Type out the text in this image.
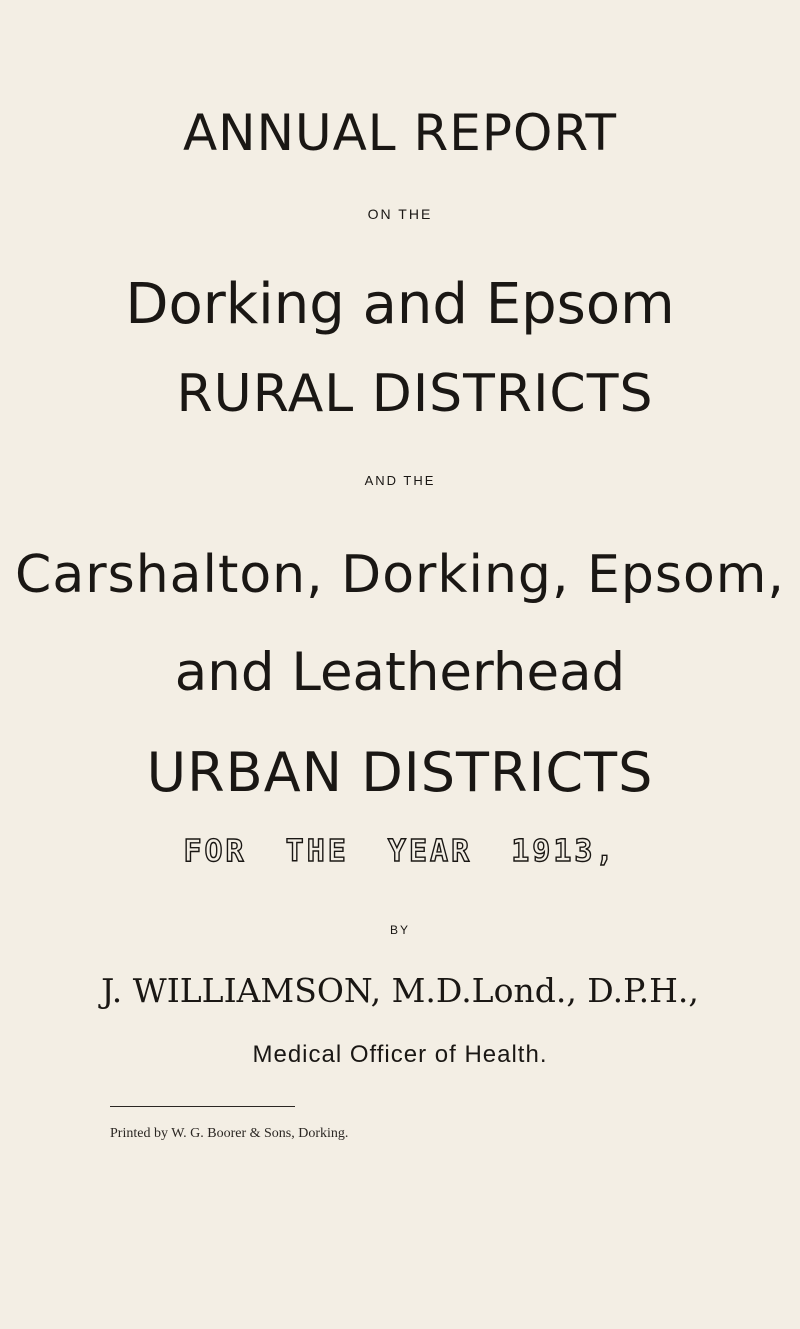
ANNUAL REPORT
ON THE
Dorking and Epsom
RURAL DISTRICTS
AND THE
Carshalton, Dorking, Epsom,
and Leatherhead
URBAN DISTRICTS
FOR THE YEAR 1913,
BY
J. WILLIAMSON, M.D.Lond., D.P.H.,
Medical Officer of Health.
Printed by W. G. Boorer & Sons, Dorking.
